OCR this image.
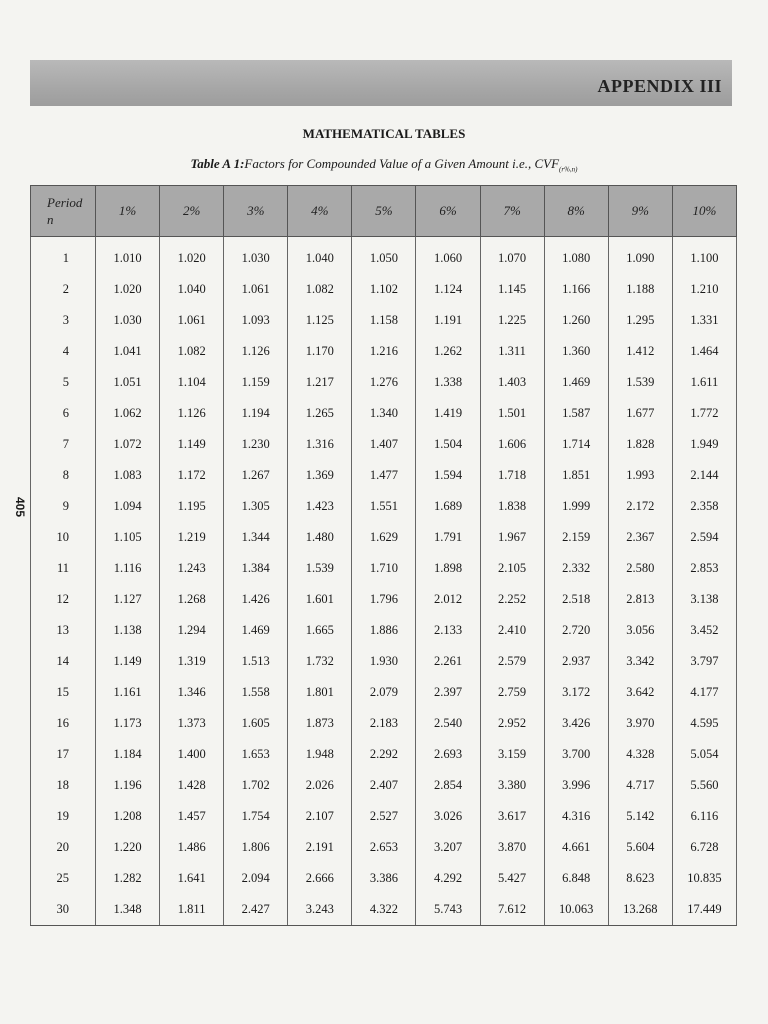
APPENDIX III
MATHEMATICAL TABLES
Table A 1:Factors for Compounded Value of a Given Amount i.e., $CVF_{(r\%,n)}$
405
Period
n	1%	2%	3%	4%	5%	6%	7%	8%	9%	10%
1	1.010	1.020	1.030	1.040	1.050	1.060	1.070	1.080	1.090	1.100
2	1.020	1.040	1.061	1.082	1.102	1.124	1.145	1.166	1.188	1.210
3	1.030	1.061	1.093	1.125	1.158	1.191	1.225	1.260	1.295	1.331
4	1.041	1.082	1.126	1.170	1.216	1.262	1.311	1.360	1.412	1.464
5	1.051	1.104	1.159	1.217	1.276	1.338	1.403	1.469	1.539	1.611
6	1.062	1.126	1.194	1.265	1.340	1.419	1.501	1.587	1.677	1.772
7	1.072	1.149	1.230	1.316	1.407	1.504	1.606	1.714	1.828	1.949
8	1.083	1.172	1.267	1.369	1.477	1.594	1.718	1.851	1.993	2.144
9	1.094	1.195	1.305	1.423	1.551	1.689	1.838	1.999	2.172	2.358
10	1.105	1.219	1.344	1.480	1.629	1.791	1.967	2.159	2.367	2.594
11	1.116	1.243	1.384	1.539	1.710	1.898	2.105	2.332	2.580	2.853
12	1.127	1.268	1.426	1.601	1.796	2.012	2.252	2.518	2.813	3.138
13	1.138	1.294	1.469	1.665	1.886	2.133	2.410	2.720	3.056	3.452
14	1.149	1.319	1.513	1.732	1.930	2.261	2.579	2.937	3.342	3.797
15	1.161	1.346	1.558	1.801	2.079	2.397	2.759	3.172	3.642	4.177
16	1.173	1.373	1.605	1.873	2.183	2.540	2.952	3.426	3.970	4.595
17	1.184	1.400	1.653	1.948	2.292	2.693	3.159	3.700	4.328	5.054
18	1.196	1.428	1.702	2.026	2.407	2.854	3.380	3.996	4.717	5.560
19	1.208	1.457	1.754	2.107	2.527	3.026	3.617	4.316	5.142	6.116
20	1.220	1.486	1.806	2.191	2.653	3.207	3.870	4.661	5.604	6.728
25	1.282	1.641	2.094	2.666	3.386	4.292	5.427	6.848	8.623	10.835
30	1.348	1.811	2.427	3.243	4.322	5.743	7.612	10.063	13.268	17.449
